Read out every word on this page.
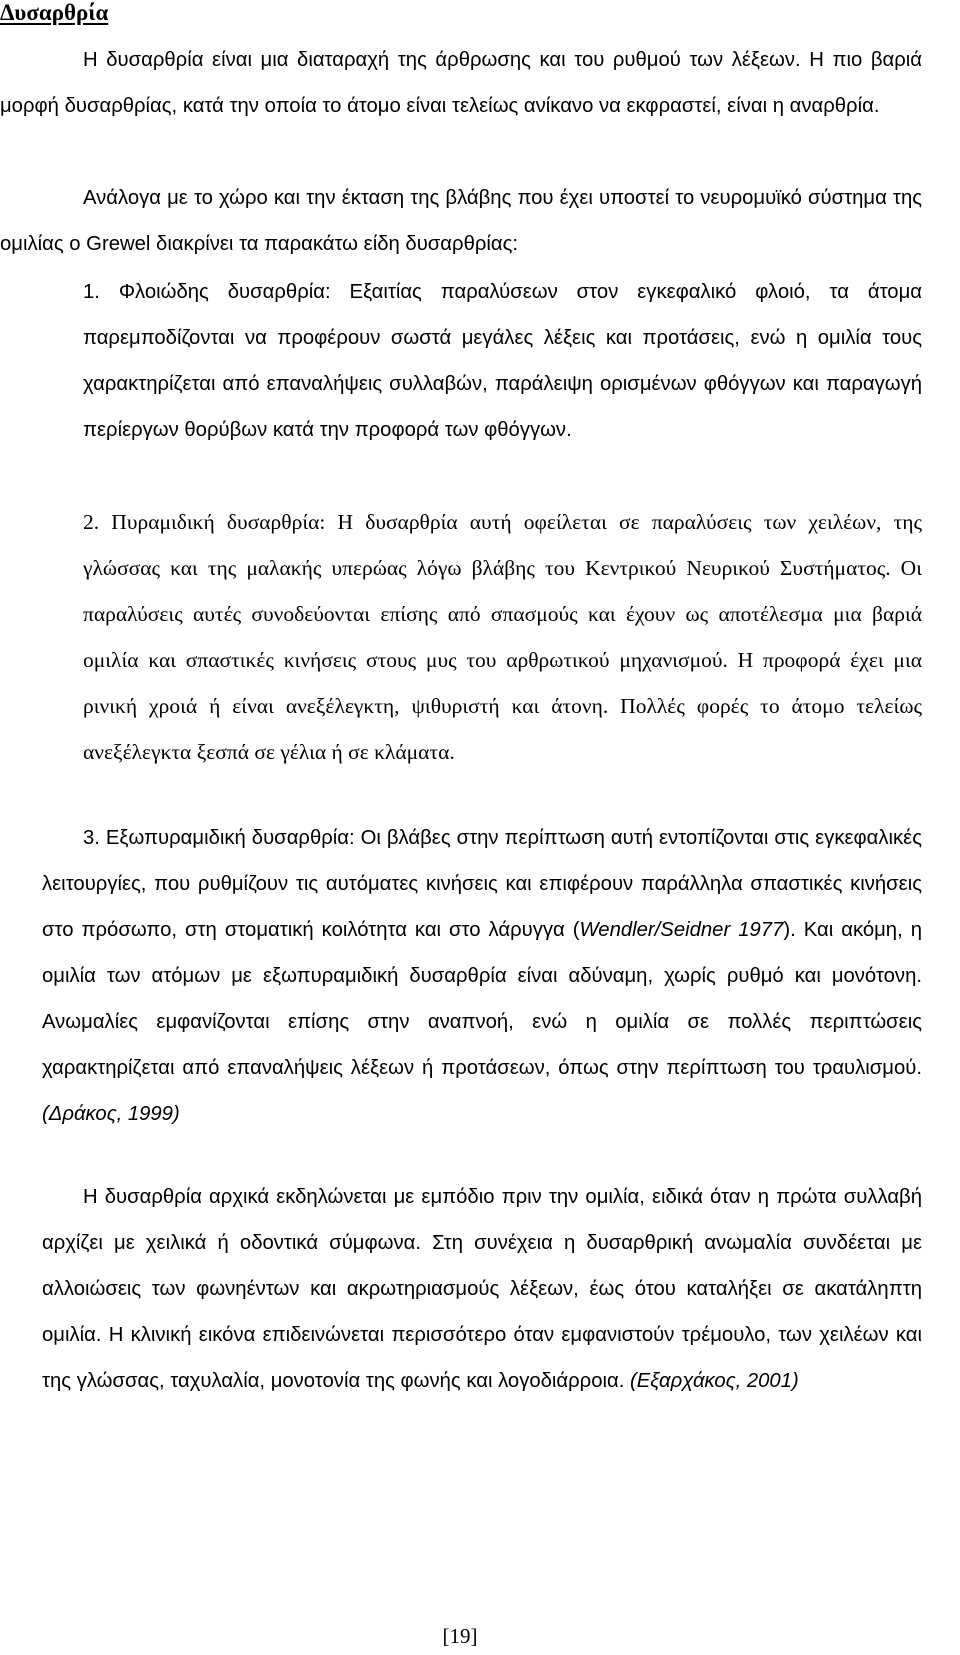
Δυσαρθρία

Η δυσαρθρία είναι μια διαταραχή της άρθρωσης και του ρυθμού των λέξεων. Η πιο βαριά μορφή δυσαρθρίας, κατά την οποία το άτομο είναι τελείως ανίκανο να εκφραστεί, είναι η αναρθρία.

Ανάλογα με το χώρο και την έκταση της βλάβης που έχει υποστεί το νευρομυϊκό σύστημα της ομιλίας ο Grewel διακρίνει τα παρακάτω είδη δυσαρθρίας:

1. Φλοιώδης δυσαρθρία: Εξαιτίας παραλύσεων στον εγκεφαλικό φλοιό, τα άτομα παρεμποδίζονται να προφέρουν σωστά μεγάλες λέξεις και προτάσεις, ενώ η ομιλία τους χαρακτηρίζεται από επαναλήψεις συλλαβών, παράλειψη ορισμένων φθόγγων και παραγωγή περίεργων θορύβων κατά την προφορά των φθόγγων.

2. Πυραμιδική δυσαρθρία: Η δυσαρθρία αυτή οφείλεται σε παραλύσεις των χειλέων, της γλώσσας και της μαλακής υπερώας λόγω βλάβης του Κεντρικού Νευρικού Συστήματος. Οι παραλύσεις αυτές συνοδεύονται επίσης από σπασμούς και έχουν ως αποτέλεσμα μια βαριά ομιλία και σπαστικές κινήσεις στους μυς του αρθρωτικού μηχανισμού. Η προφορά έχει μια ρινική χροιά ή είναι ανεξέλεγκτη, ψιθυριστή και άτονη. Πολλές φορές το άτομο τελείως ανεξέλεγκτα ξεσπά σε γέλια ή σε κλάματα.

3. Εξωπυραμιδική δυσαρθρία: Οι βλάβες στην περίπτωση αυτή εντοπίζονται στις εγκεφαλικές λειτουργίες, που ρυθμίζουν τις αυτόματες κινήσεις και επιφέρουν παράλληλα σπαστικές κινήσεις στο πρόσωπο, στη στοματική κοιλότητα και στο λάρυγγα (Wendler/Seidner 1977). Και ακόμη, η ομιλία των ατόμων με εξωπυραμιδική δυσαρθρία είναι αδύναμη, χωρίς ρυθμό και μονότονη. Ανωμαλίες εμφανίζονται επίσης στην αναπνοή, ενώ η ομιλία σε πολλές περιπτώσεις χαρακτηρίζεται από επαναλήψεις λέξεων ή προτάσεων, όπως στην περίπτωση του τραυλισμού. (Δράκος, 1999)

Η δυσαρθρία αρχικά εκδηλώνεται με εμπόδιο πριν την ομιλία, ειδικά όταν η πρώτα συλλαβή αρχίζει με χειλικά ή οδοντικά σύμφωνα. Στη συνέχεια η δυσαρθρική ανωμαλία συνδέεται με αλλοιώσεις των φωνηέντων και ακρωτηριασμούς λέξεων, έως ότου καταλήξει σε ακατάληπτη ομιλία. Η κλινική εικόνα επιδεινώνεται περισσότερο όταν εμφανιστούν τρέμουλο, των χειλέων και της γλώσσας, ταχυλαλία, μονοτονία της φωνής και λογοδιάρροια. (Εξαρχάκος, 2001)

[19]
